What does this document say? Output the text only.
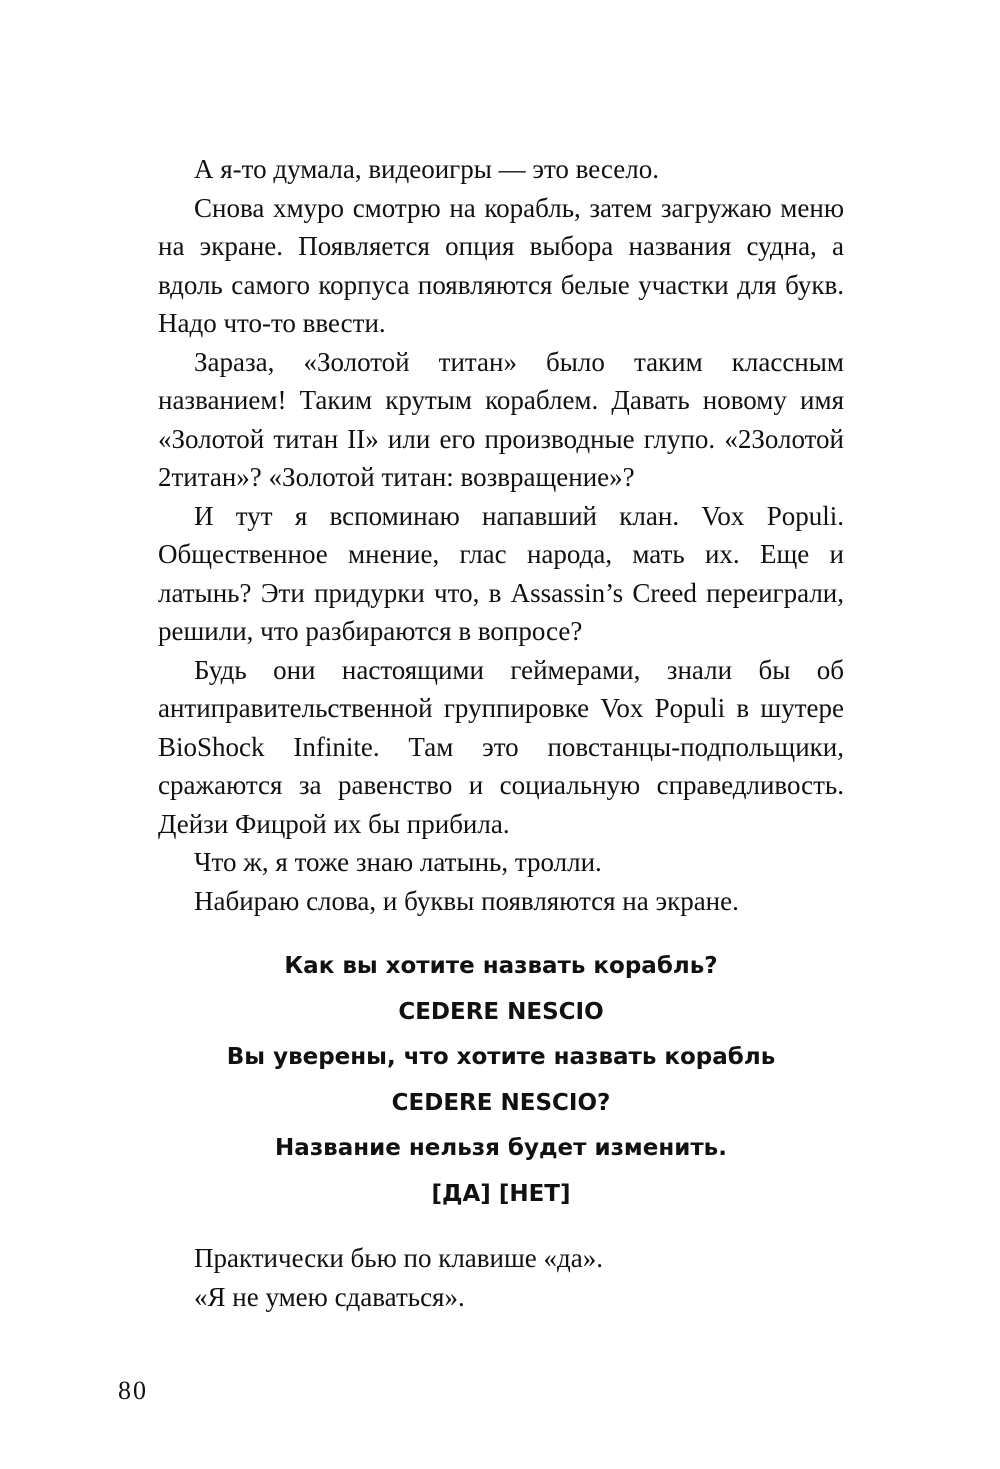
А я-то думала, видеоигры — это весело.

Снова хмуро смотрю на корабль, затем загружаю меню на экране. Появляется опция выбора названия судна, а вдоль самого корпуса появляются белые участки для букв. Надо что-то ввести.

Зараза, «Золотой титан» было таким классным названием! Таким крутым кораблем. Давать новому имя «Золотой титан II» или его производные глупо. «2Золотой 2титан»? «Золотой титан: возвращение»?

И тут я вспоминаю напавший клан. Vox Populi. Общественное мнение, глас народа, мать их. Еще и латынь? Эти придурки что, в Assassin’s Creed переиграли, решили, что разбираются в вопросе?

Будь они настоящими геймерами, знали бы об антиправительственной группировке Vox Populi в шутере BioShock Infinite. Там это повстанцы-подпольщики, сражаются за равенство и социальную справедливость. Дейзи Фицрой их бы прибила.

Что ж, я тоже знаю латынь, тролли.

Набираю слова, и буквы появляются на экране.

Как вы хотите назвать корабль?
CEDERE NESCIO
Вы уверены, что хотите назвать корабль
CEDERE NESCIO?
Название нельзя будет изменить.
[ДА] [НЕТ]

Практически бью по клавише «да».

«Я не умею сдаваться».

80
